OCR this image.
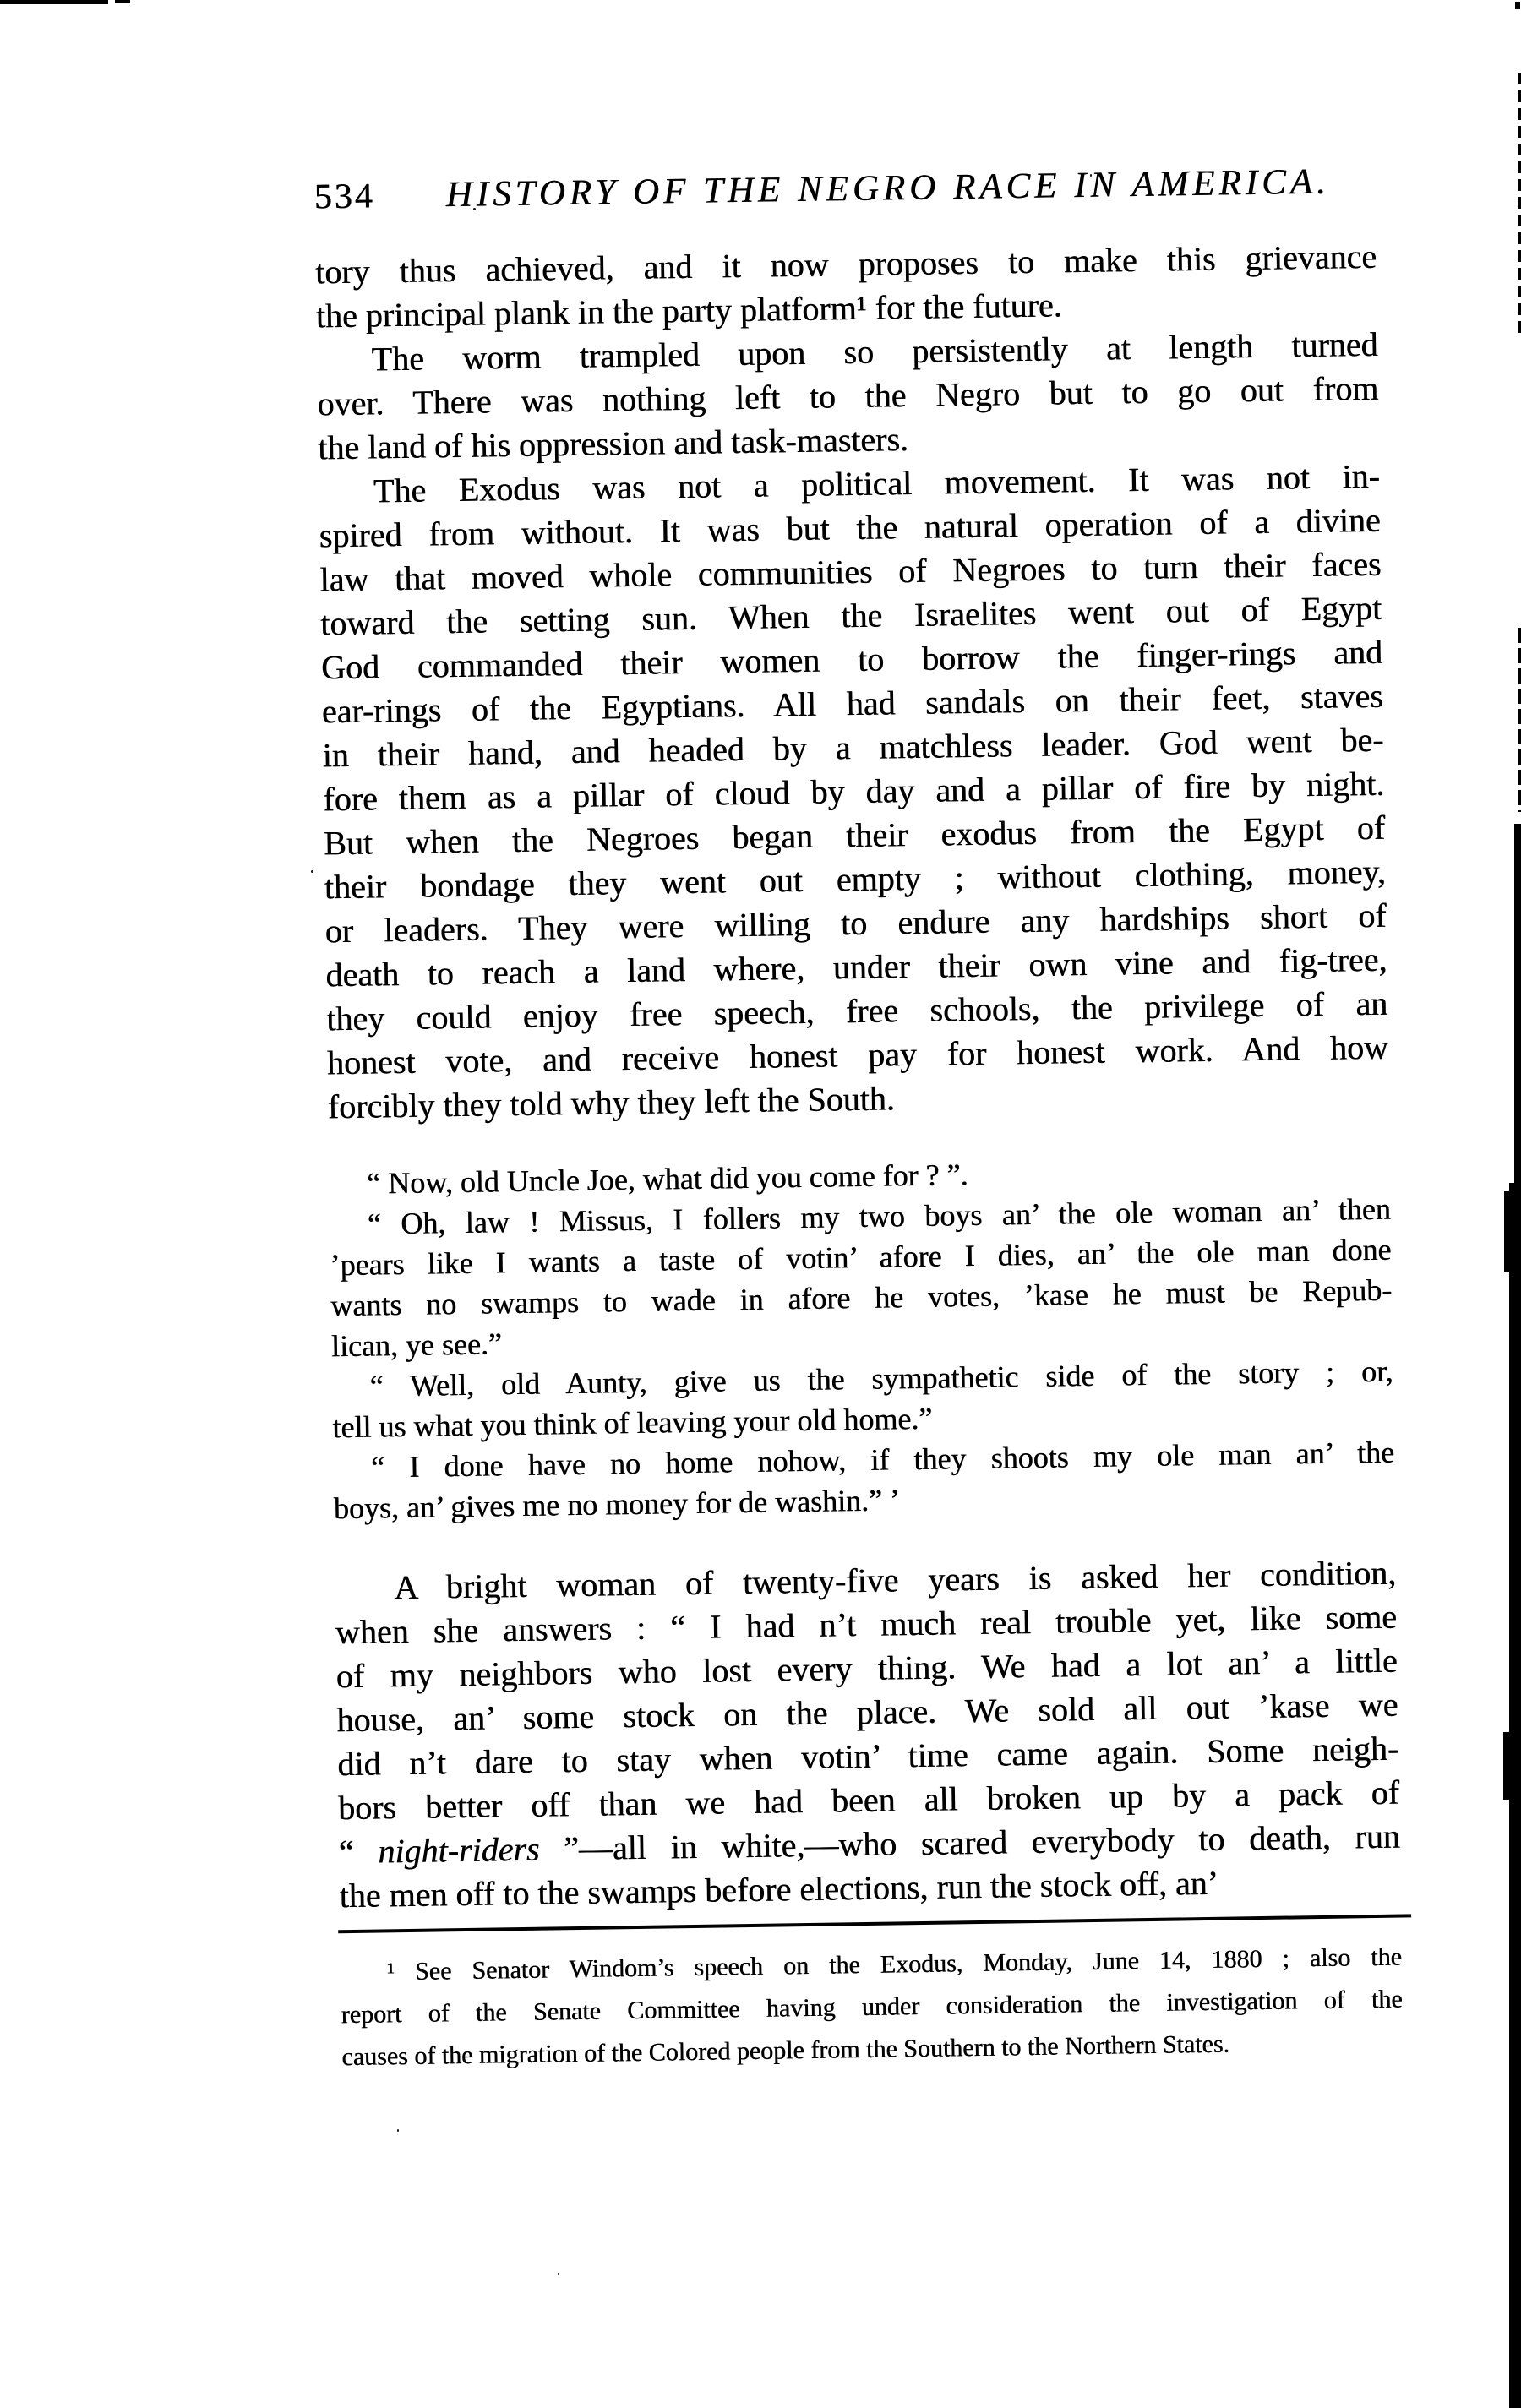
534	HISTORY OF THE NEGRO RACE IN AMERICA.
tory thus achieved, and it now proposes to make this grievance
the principal plank in the party platform¹ for the future.
The worm trampled upon so persistently at length turned
over. There was nothing left to the Negro but to go out from
the land of his oppression and task-masters.
The Exodus was not a political movement. It was not in-
spired from without. It was but the natural operation of a divine
law that moved whole communities of Negroes to turn their faces
toward the setting sun. When the Israelites went out of Egypt
God commanded their women to borrow the finger-rings and
ear-rings of the Egyptians. All had sandals on their feet, staves
in their hand, and headed by a matchless leader. God went be-
fore them as a pillar of cloud by day and a pillar of fire by night.
But when the Negroes began their exodus from the Egypt of
their bondage they went out empty ; without clothing, money,
or leaders. They were willing to endure any hardships short of
death to reach a land where, under their own vine and fig-tree,
they could enjoy free speech, free schools, the privilege of an
honest vote, and receive honest pay for honest work. And how
forcibly they told why they left the South.
“ Now, old Uncle Joe, what did you come for ? ”.
“ Oh, law ! Missus, I follers my two boys an’ the ole woman an’ then
’pears like I wants a taste of votin’ afore I dies, an’ the ole man done
wants no swamps to wade in afore he votes, ’kase he must be Repub-
lican, ye see.”
“ Well, old Aunty, give us the sympathetic side of the story ; or,
tell us what you think of leaving your old home.”
“ I done have no home nohow, if they shoots my ole man an’ the
boys, an’ gives me no money for de washin.” ’
A bright woman of twenty-five years is asked her condition,
when she answers : “ I had n’t much real trouble yet, like some
of my neighbors who lost every thing. We had a lot an’ a little
house, an’ some stock on the place. We sold all out ’kase we
did n’t dare to stay when votin’ time came again. Some neigh-
bors better off than we had been all broken up by a pack of
“ night-riders ”—all in white,—who scared everybody to death, run
the men off to the swamps before elections, run the stock off, an’
¹ See Senator Windom’s speech on the Exodus, Monday, June 14, 1880 ; also the
report of the Senate Committee having under consideration the investigation of the
causes of the migration of the Colored people from the Southern to the Northern States.
